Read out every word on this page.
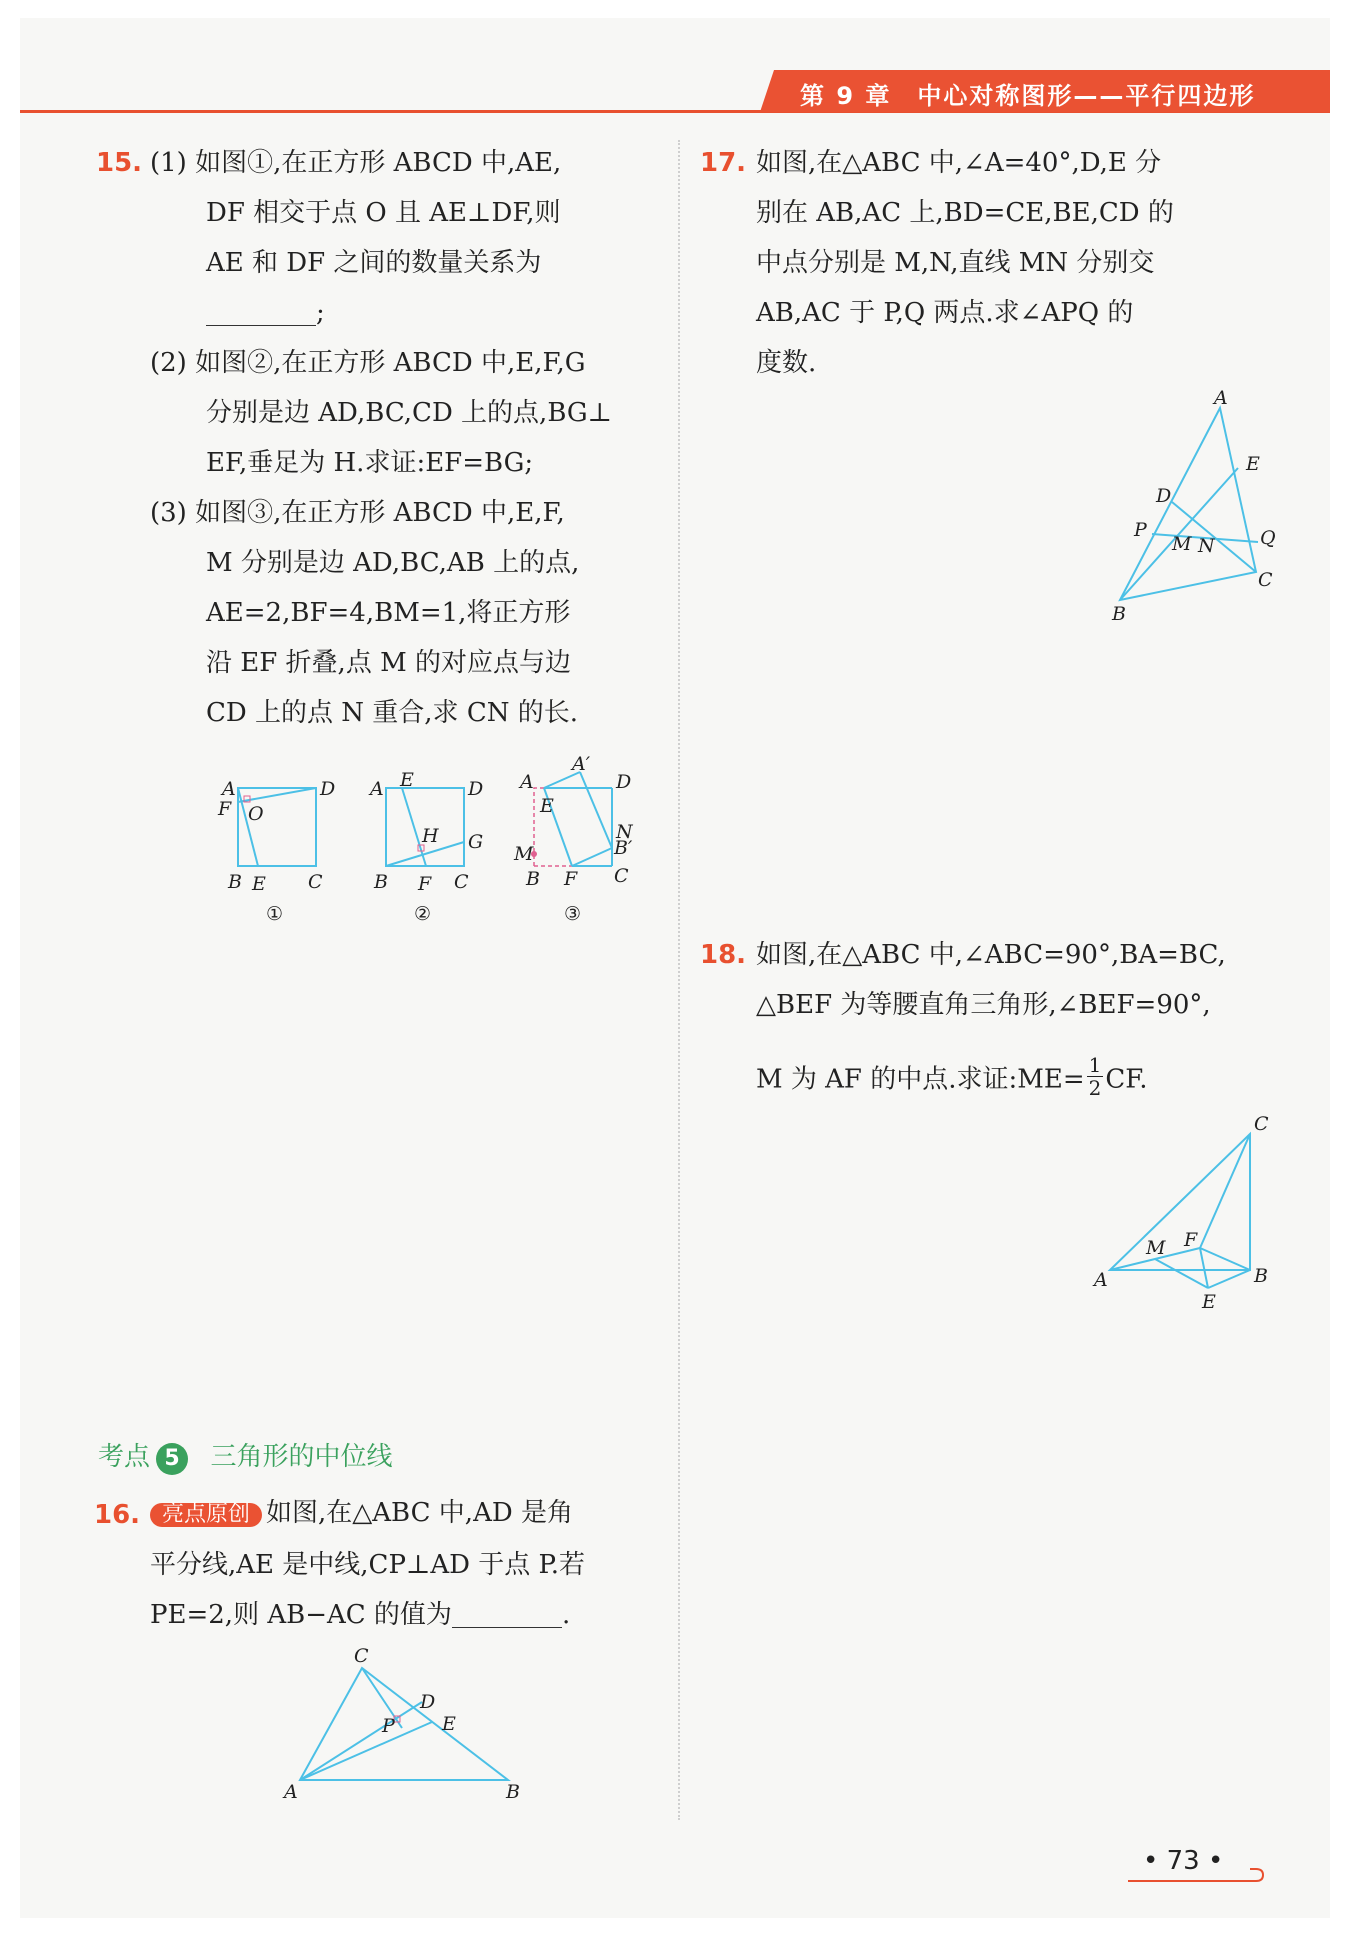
第 9 章　中心对称图形——平行四边形
15. (1) 如图①,在正方形 ABCD 中,AE,
DF 相交于点 O 且 AE⊥DF,则
AE 和 DF 之间的数量关系为
;
(2) 如图②,在正方形 ABCD 中,E,F,G
分别是边 AD,BC,CD 上的点,BG⊥
EF,垂足为 H.求证:EF=BG;
(3) 如图③,在正方形 ABCD 中,E,F,
M 分别是边 AD,BC,AB 上的点,
AE=2,BF=4,BM=1,将正方形
沿 EF 折叠,点 M 的对应点与边
CD 上的点 N 重合,求 CN 的长.
A	D
F O
B E C
①
A E	D
H G
B F C
②
A
E
A′
D
N
B′
M
B F C
③
考点 5 三角形的中位线
16. 亮点原创 如图,在△ABC 中,AD 是角
平分线,AE 是中线,CP⊥AD 于点 P.若
PE=2,则 AB−AC 的值为	.
C
D
P E
A	B
17. 如图,在△ABC 中,∠A=40°,D,E 分
别在 AB,AC 上,BD=CE,BE,CD 的
中点分别是 M,N,直线 MN 分别交
AB,AC 于 P,Q 两点.求∠APQ 的
度数.
A
E
D
P
M N Q
C
B
18. 如图,在△ABC 中,∠ABC=90°,BA=BC,
△BEF 为等腰直角三角形,∠BEF=90°,
M 为 AF 的中点.求证:ME= $\frac{1}{2}$ CF.
C
F
M
A	B
E
• 73 •
